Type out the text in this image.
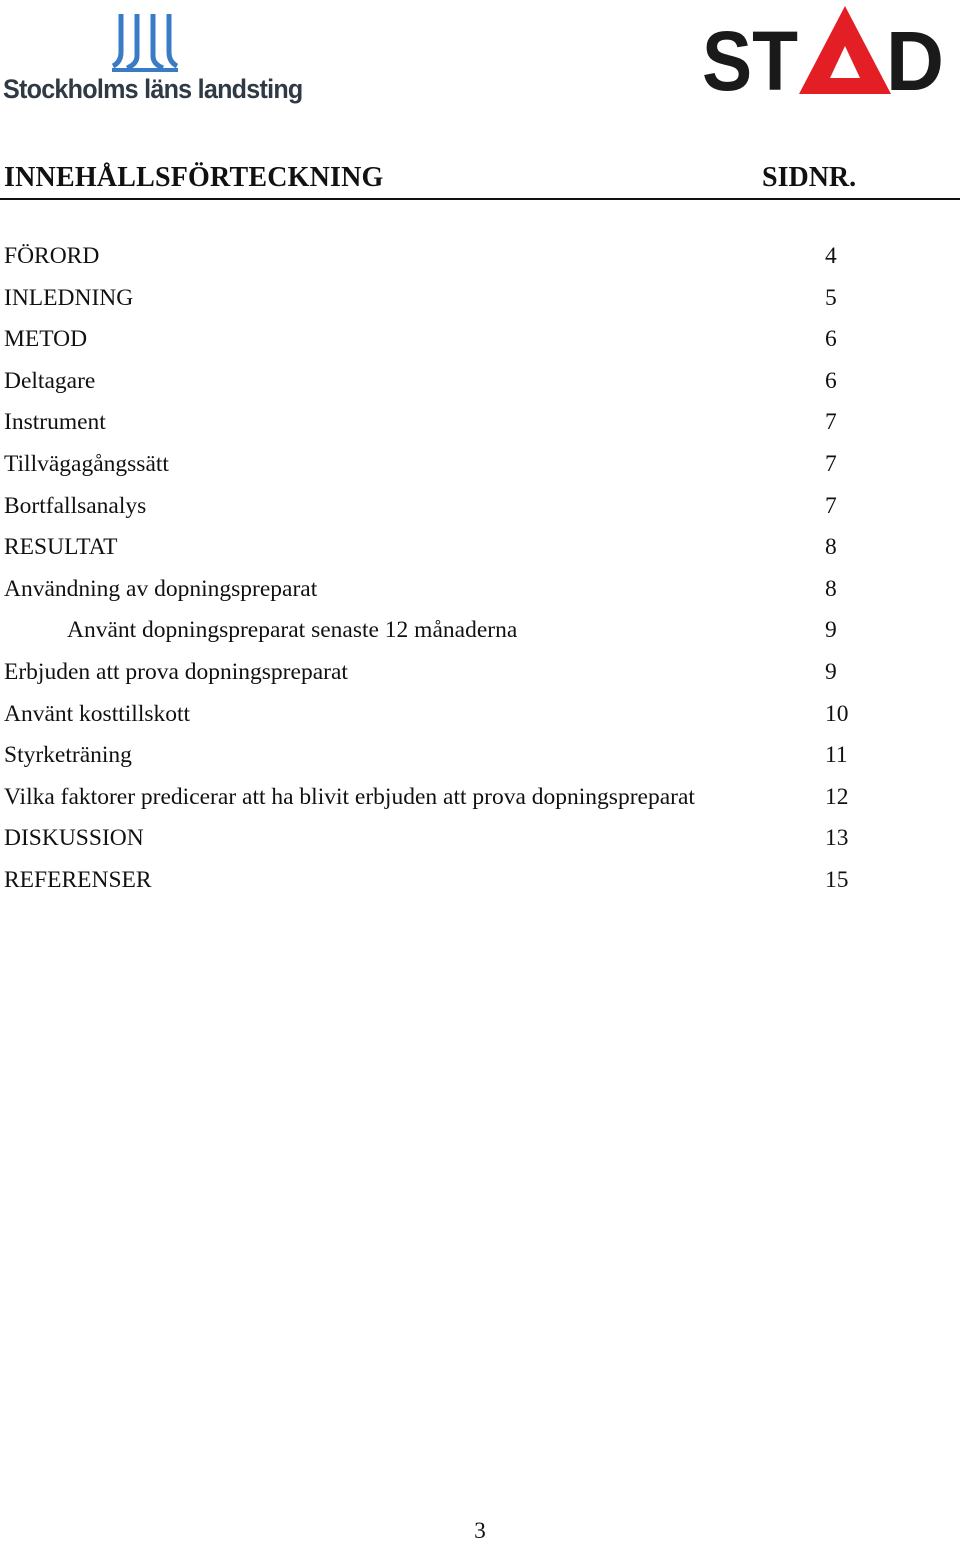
Stockholms läns landsting	ST D
INNEHÅLLSFÖRTECKNING	SIDNR.
FÖRORD	4
INLEDNING	5
METOD	6
Deltagare	6
Instrument	7
Tillvägagångssätt	7
Bortfallsanalys	7
RESULTAT	8
Användning av dopningspreparat	8
Använt dopningspreparat senaste 12 månaderna	9
Erbjuden att prova dopningspreparat	9
Använt kosttillskott	10
Styrketräning	11
Vilka faktorer predicerar att ha blivit erbjuden att prova dopningspreparat	12
DISKUSSION	13
REFERENSER	15
3
